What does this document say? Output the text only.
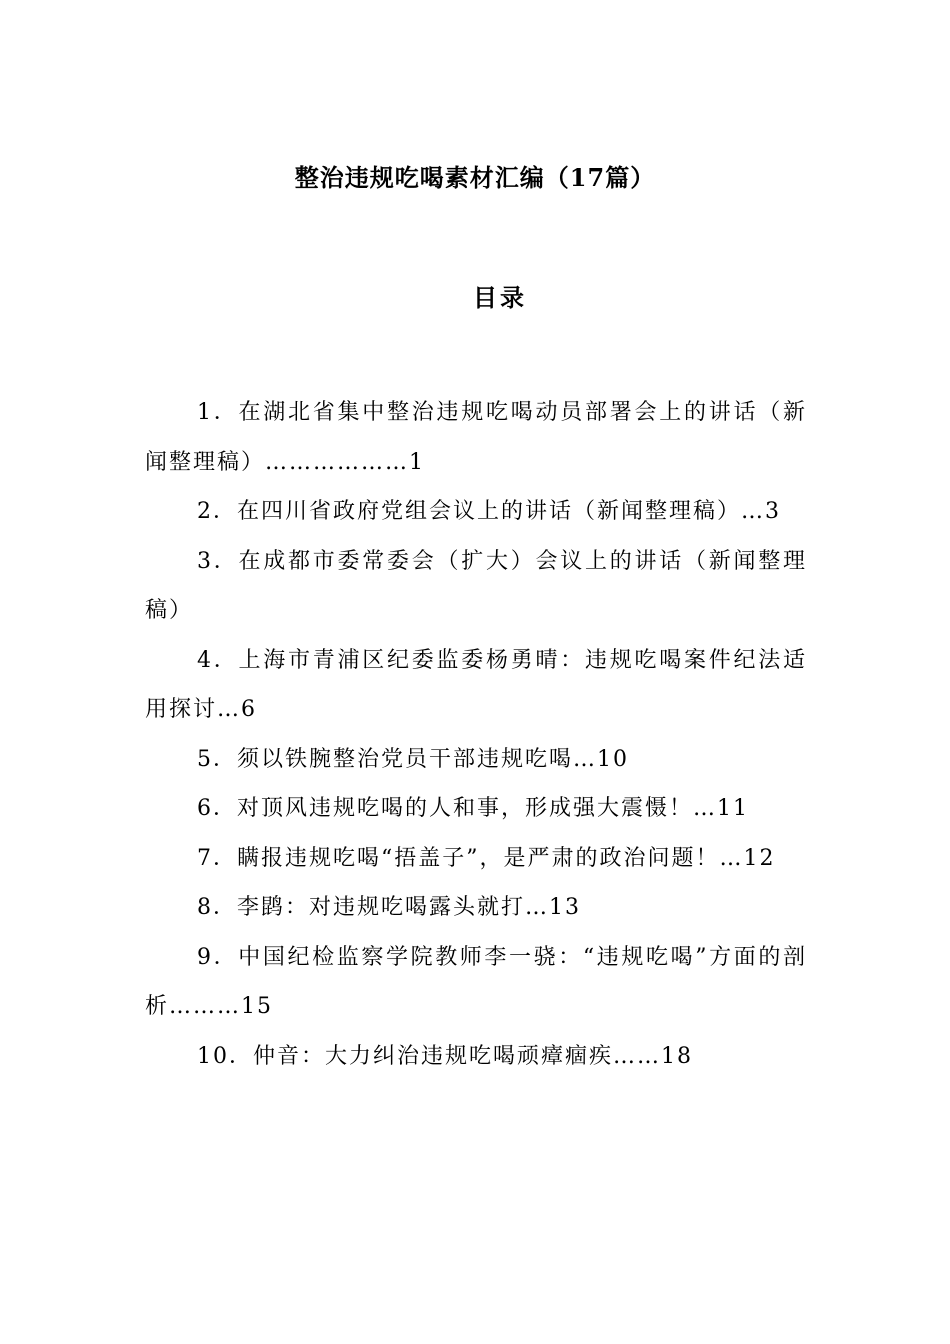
整治违规吃喝素材汇编（17篇）
目录
1．在湖北省集中整治违规吃喝动员部署会上的讲话（新闻整理稿）………………1
2．在四川省政府党组会议上的讲话（新闻整理稿）…3
3．在成都市委常委会（扩大）会议上的讲话（新闻整理稿）
4．上海市青浦区纪委监委杨勇晴：违规吃喝案件纪法适用探讨…6
5．须以铁腕整治党员干部违规吃喝…10
6．对顶风违规吃喝的人和事，形成强大震慑！…11
7．瞒报违规吃喝“捂盖子”，是严肃的政治问题！…12
8．李鹍：对违规吃喝露头就打…13
9．中国纪检监察学院教师李一骁：“违规吃喝”方面的剖析………15
10．仲音：大力纠治违规吃喝顽瘴痼疾……18
